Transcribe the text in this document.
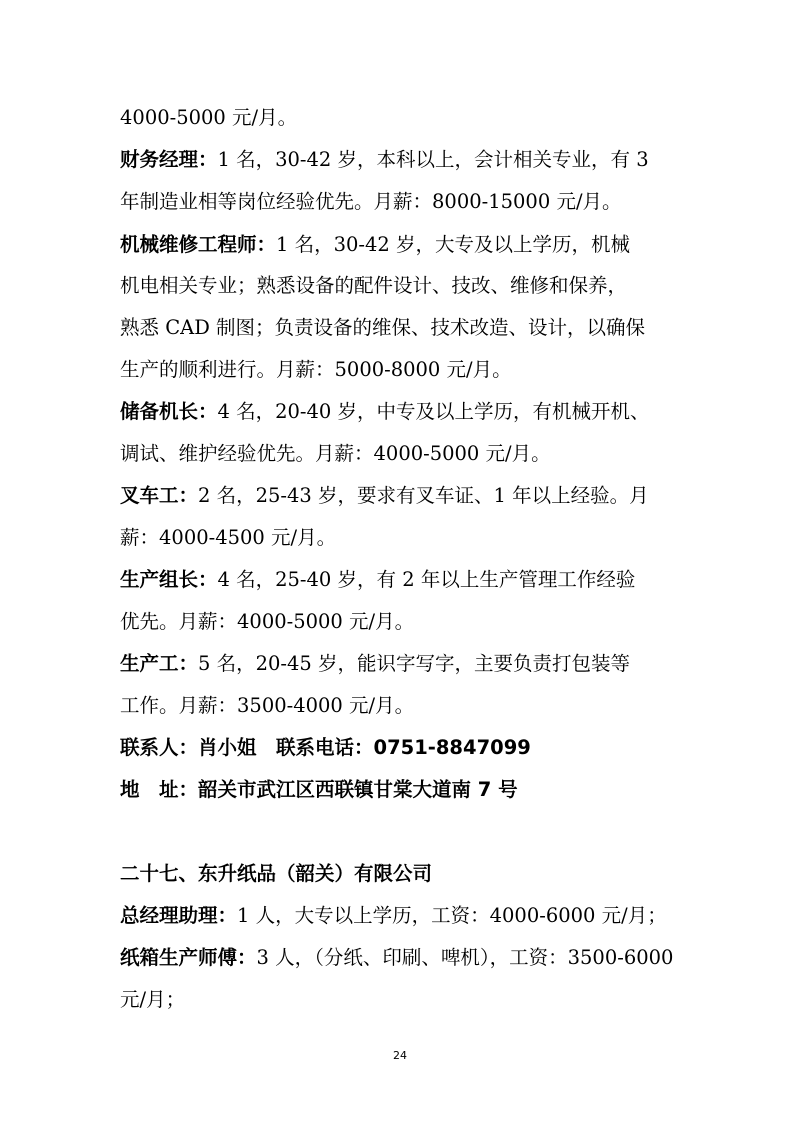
4000-5000 元/月。
财务经理：1 名，30-42 岁，本科以上，会计相关专业，有 3
年制造业相等岗位经验优先。月薪：8000-15000 元/月。
机械维修工程师：1 名，30-42 岁，大专及以上学历，机械
机电相关专业；熟悉设备的配件设计、技改、维修和保养，
熟悉 CAD 制图；负责设备的维保、技术改造、设计，以确保
生产的顺利进行。月薪：5000-8000 元/月。
储备机长：4 名，20-40 岁，中专及以上学历，有机械开机、
调试、维护经验优先。月薪：4000-5000 元/月。
叉车工：2 名，25-43 岁，要求有叉车证、1 年以上经验。月
薪：4000-4500 元/月。
生产组长：4 名，25-40 岁，有 2 年以上生产管理工作经验
优先。月薪：4000-5000 元/月。
生产工：5 名，20-45 岁，能识字写字，主要负责打包装等
工作。月薪：3500-4000 元/月。
联系人：肖小姐　联系电话：0751-8847099
地　址：韶关市武江区西联镇甘棠大道南 7 号
二十七、东升纸品（韶关）有限公司
总经理助理：1 人，大专以上学历，工资：4000-6000 元/月；
纸箱生产师傅：3 人，（分纸、印刷、啤机），工资：3500-6000
元/月；
24
